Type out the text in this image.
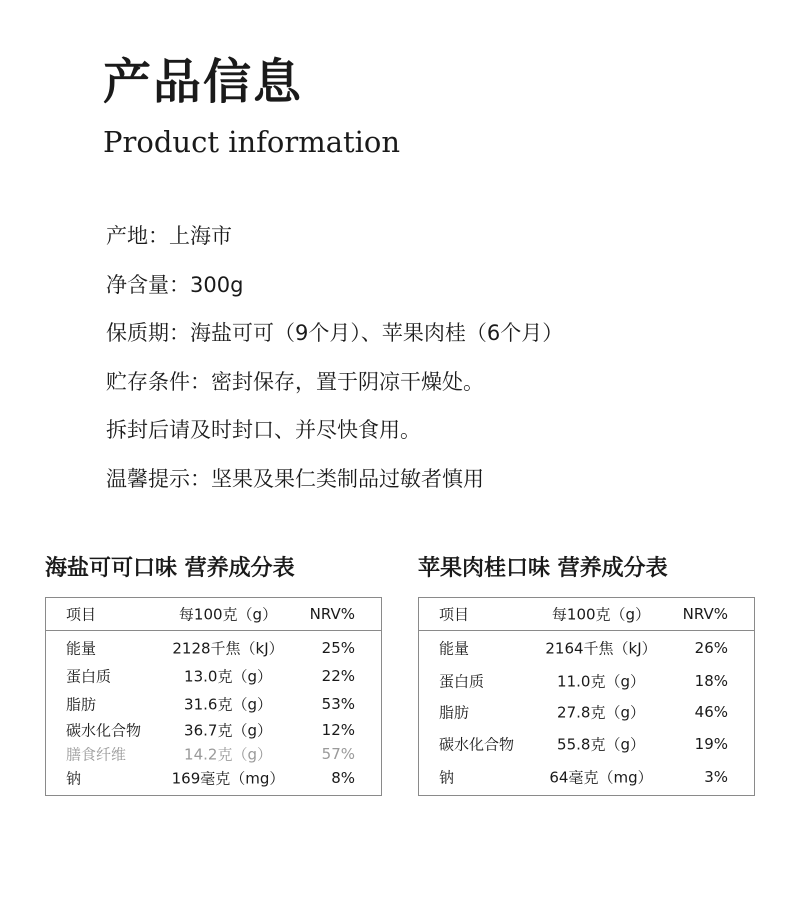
产品信息
Product information
产地：上海市
净含量：300g
保质期：海盐可可（9个月）、苹果肉桂（6个月）
贮存条件：密封保存，置于阴凉干燥处。
拆封后请及时封口、并尽快食用。
温馨提示：坚果及果仁类制品过敏者慎用
海盐可可口味 营养成分表
项目	每100克（g） NRV%
能量	2128千焦（kJ）	25%
蛋白质	13.0克（g）	22%
脂肪	31.6克（g）	53%
碳水化合物	36.7克（g）	12%
膳食纤维	14.2克（g）	57%
钠	169毫克（mg）	8%
苹果肉桂口味 营养成分表
项目	每100克（g） NRV%
能量	2164千焦（kJ）	26%
蛋白质	11.0克（g）	18%
脂肪	27.8克（g）	46%
碳水化合物	55.8克（g）	19%
钠	64毫克（mg）	3%
